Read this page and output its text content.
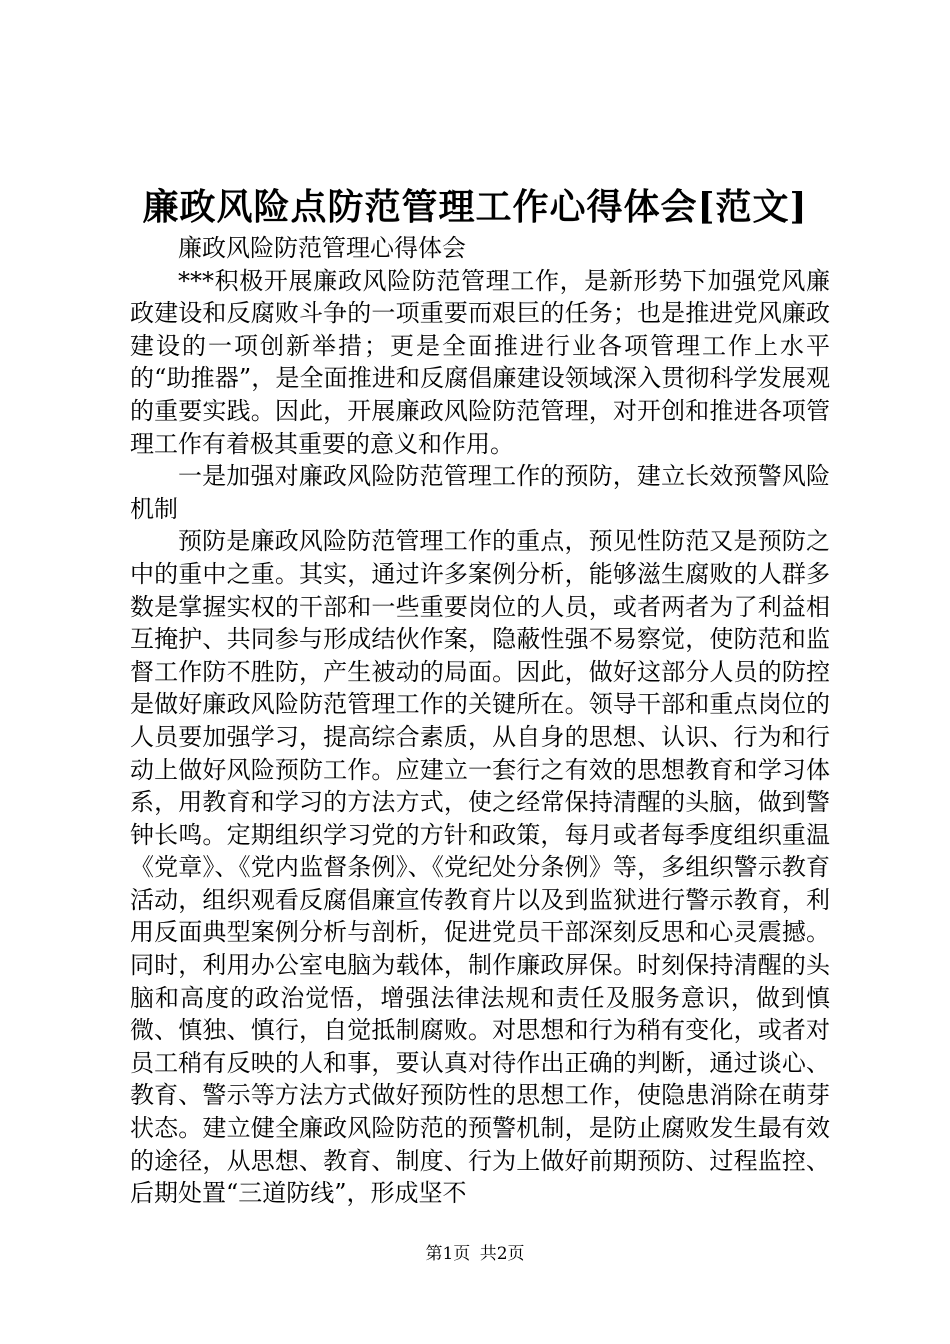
廉政风险点防范管理工作心得体会[范文]

廉政风险防范管理心得体会

***积极开展廉政风险防范管理工作，是新形势下加强党风廉政建设和反腐败斗争的一项重要而艰巨的任务；也是推进党风廉政建设的一项创新举措；更是全面推进行业各项管理工作上水平的“助推器”，是全面推进和反腐倡廉建设领域深入贯彻科学发展观的重要实践。因此，开展廉政风险防范管理，对开创和推进各项管理工作有着极其重要的意义和作用。

一是加强对廉政风险防范管理工作的预防，建立长效预警风险机制

预防是廉政风险防范管理工作的重点，预见性防范又是预防之中的重中之重。其实，通过许多案例分析，能够滋生腐败的人群多数是掌握实权的干部和一些重要岗位的人员，或者两者为了利益相互掩护、共同参与形成结伙作案，隐蔽性强不易察觉，使防范和监督工作防不胜防，产生被动的局面。因此，做好这部分人员的防控是做好廉政风险防范管理工作的关键所在。领导干部和重点岗位的人员要加强学习，提高综合素质，从自身的思想、认识、行为和行动上做好风险预防工作。应建立一套行之有效的思想教育和学习体系，用教育和学习的方法方式，使之经常保持清醒的头脑，做到警钟长鸣。定期组织学习党的方针和政策，每月或者每季度组织重温《党章》、《党内监督条例》、《党纪处分条例》等，多组织警示教育活动，组织观看反腐倡廉宣传教育片以及到监狱进行警示教育，利用反面典型案例分析与剖析，促进党员干部深刻反思和心灵震撼。同时，利用办公室电脑为载体，制作廉政屏保。时刻保持清醒的头脑和高度的政治觉悟，增强法律法规和责任及服务意识，做到慎微、慎独、慎行，自觉抵制腐败。对思想和行为稍有变化，或者对员工稍有反映的人和事，要认真对待作出正确的判断，通过谈心、教育、警示等方法方式做好预防性的思想工作，使隐患消除在萌芽状态。建立健全廉政风险防范的预警机制，是防止腐败发生最有效的途径，从思想、教育、制度、行为上做好前期预防、过程监控、后期处置“三道防线”，形成坚不

第1页 共2页
